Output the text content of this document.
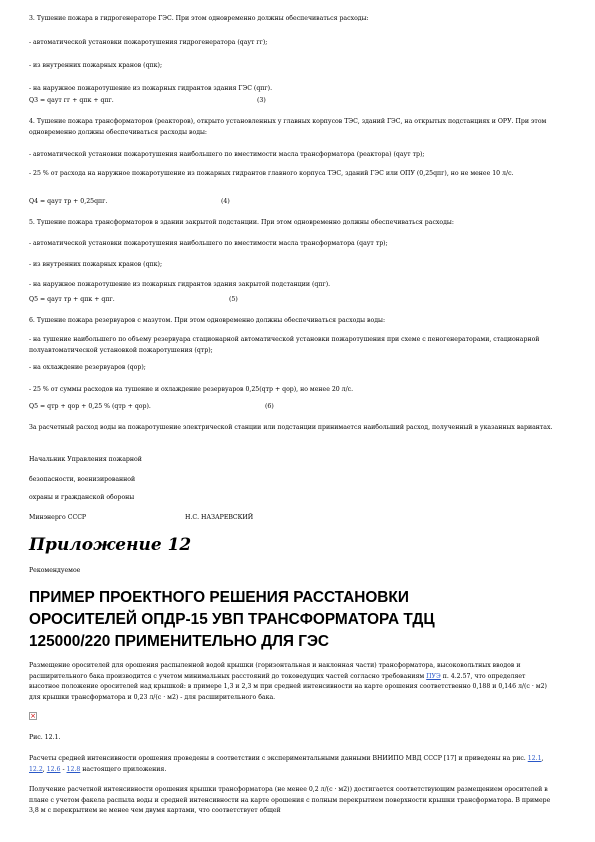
3. Тушение пожара в гидрогенераторе ГЭС. При этом одновременно должны обеспечиваться расходы:
- автоматической установки пожаротушения гидрогенератора (qаут гг);
- из внутренних пожарных кранов (qпк);
- на наружное пожаротушение из пожарных гидрантов здания ГЭС (qпг).
Q3 = qаут гг + qпк + qпг.	(3)
4. Тушение пожара трансформаторов (реакторов), открыто установленных у главных корпусов ТЭС, зданий ГЭС, на открытых подстанциях и ОРУ. При этом одновременно должны обеспечиваться расходы воды:
- автоматической установки пожаротушения наибольшего по вместимости масла трансформатора (реактора) (qаут тр);
- 25 % от расхода на наружное пожаротушение из пожарных гидрантов главного корпуса ТЭС, зданий ГЭС или ОПУ (0,25qпг), но не менее 10 л/с.
Q4 = qаут тр + 0,25qпг.	(4)
5. Тушение пожара трансформаторов в здании закрытой подстанции. При этом одновременно должны обеспечиваться расходы:
- автоматической установки пожаротушения наибольшего по вместимости масла трансформатора (qаут тр);
- из внутренних пожарных кранов (qпк);
- на наружное пожаротушение из пожарных гидрантов здания закрытой подстанции (qпг).
Q5 = qаут тр + qпк + qпг.	(5)
6. Тушение пожара резервуаров с мазутом. При этом одновременно должны обеспечиваться расходы воды:
- на тушение наибольшего по объему резервуара стационарной автоматической установки пожаротушения при схеме с пеногенераторами, стационарной полуавтоматической установкой пожаротушения (qтр);
- на охлаждение резервуаров (qор);
- 25 % от суммы расходов на тушение и охлаждение резервуаров 0,25(qтр + qор), но менее 20 л/с.
Q5 = qтр + qор + 0,25 % (qтр + qор).	(6)
За расчетный расход воды на пожаротушение электрической станции или подстанции принимается наибольший расход, полученный в указанных вариантах.
Начальник Управления пожарной
безопасности, военизированной
охраны и гражданской обороны
Минэнерго СССР	Н.С. НАЗАРЕВСКИЙ
Приложение 12
Рекомендуемое
ПРИМЕР ПРОЕКТНОГО РЕШЕНИЯ РАССТАНОВКИ
ОРОСИТЕЛЕЙ ОПДР-15 УВП ТРАНСФОРМАТОРА ТДЦ
125000/220 ПРИМЕНИТЕЛЬНО ДЛЯ ГЭС
Размещение оросителей для орошения распыленной водой крышки (горизонтальная и наклонная части) трансформатора, высоковольтных вводов и расширительного бака производится с учетом минимальных расстояний до токоведущих частей согласно требованиям ПУЭ п. 4.2.57, что определяет высотное положение оросителей над крышкой: в примере 1,3 и 2,3 м при средней интенсивности на карте орошения соответственно 0,188 и 0,146 л/(с · м2) для крышки трансформатора и 0,23 л/(с · м2) - для расширительного бака.
×
Рис. 12.1.
Расчеты средней интенсивности орошения проведены в соответствии с экспериментальными данными ВНИИПО МВД СССР [17] и приведены на рис. 12.1, 12.2, 12.6 - 12.8 настоящего приложения.
Получение расчетной интенсивности орошения крышки трансформатора (не менее 0,2 л/(с · м2)) достигается соответствующим размещением оросителей в плане с учетом факела распыла воды и средней интенсивности на карте орошения с полным перекрытием поверхности крышки трансформатора. В примере 3,8 м с перекрытием не менее чем двумя картами, что соответствует общей
